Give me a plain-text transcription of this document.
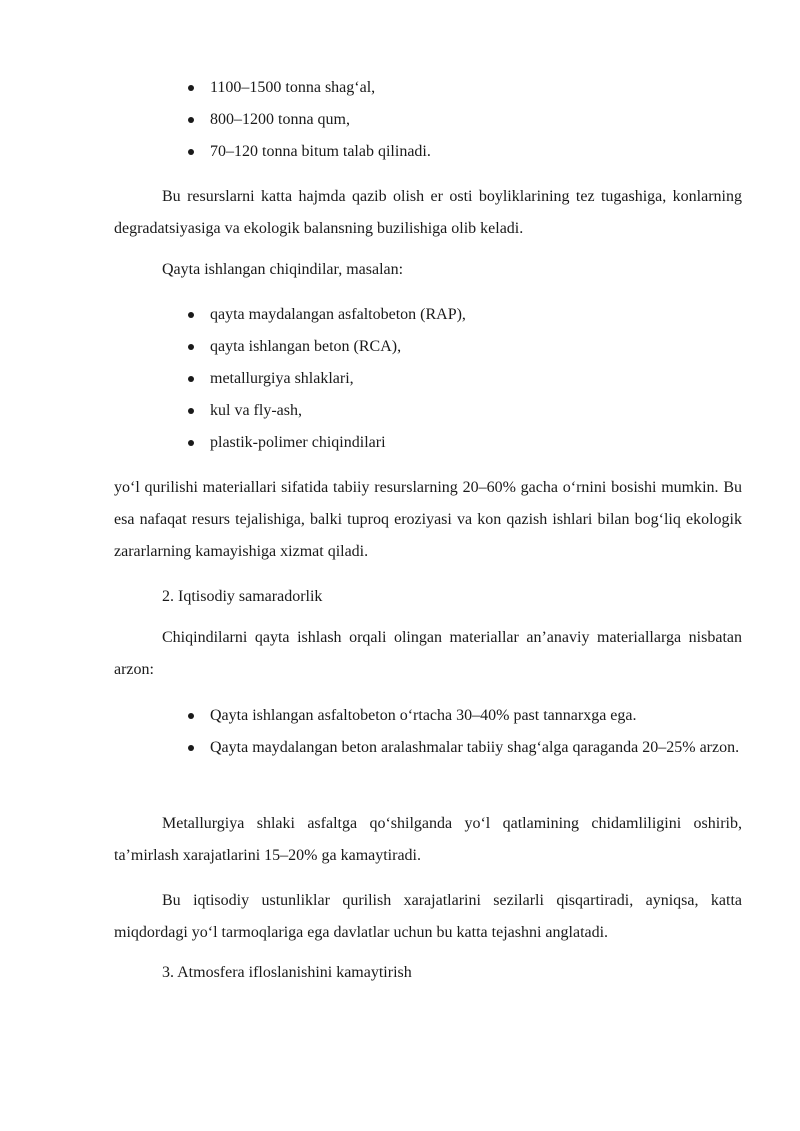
1100–1500 tonna shag‘al,
800–1200 tonna qum,
70–120 tonna bitum talab qilinadi.

Bu resurslarni katta hajmda qazib olish er osti boyliklarining tez tugashiga, konlarning degradatsiyasiga va ekologik balansning buzilishiga olib keladi.

Qayta ishlangan chiqindilar, masalan:

qayta maydalangan asfaltobeton (RAP),
qayta ishlangan beton (RCA),
metallurgiya shlaklari,
kul va fly-ash,
plastik-polimer chiqindilari

yo‘l qurilishi materiallari sifatida tabiiy resurslarning 20–60% gacha o‘rnini bosishi mumkin. Bu esa nafaqat resurs tejalishiga, balki tuproq eroziyasi va kon qazish ishlari bilan bog‘liq ekologik zararlarning kamayishiga xizmat qiladi.

2. Iqtisodiy samaradorlik

Chiqindilarni qayta ishlash orqali olingan materiallar an’anaviy materiallarga nisbatan arzon:

Qayta ishlangan asfaltobeton o‘rtacha 30–40% past tannarxga ega.
Qayta maydalangan beton aralashmalar tabiiy shag‘alga qaraganda 20–25% arzon.

Metallurgiya shlaki asfaltga qo‘shilganda yo‘l qatlamining chidamliligini oshirib, ta’mirlash xarajatlarini 15–20% ga kamaytiradi.

Bu iqtisodiy ustunliklar qurilish xarajatlarini sezilarli qisqartiradi, ayniqsa, katta miqdordagi yo‘l tarmoqlariga ega davlatlar uchun bu katta tejashni anglatadi.

3. Atmosfera ifloslanishini kamaytirish
